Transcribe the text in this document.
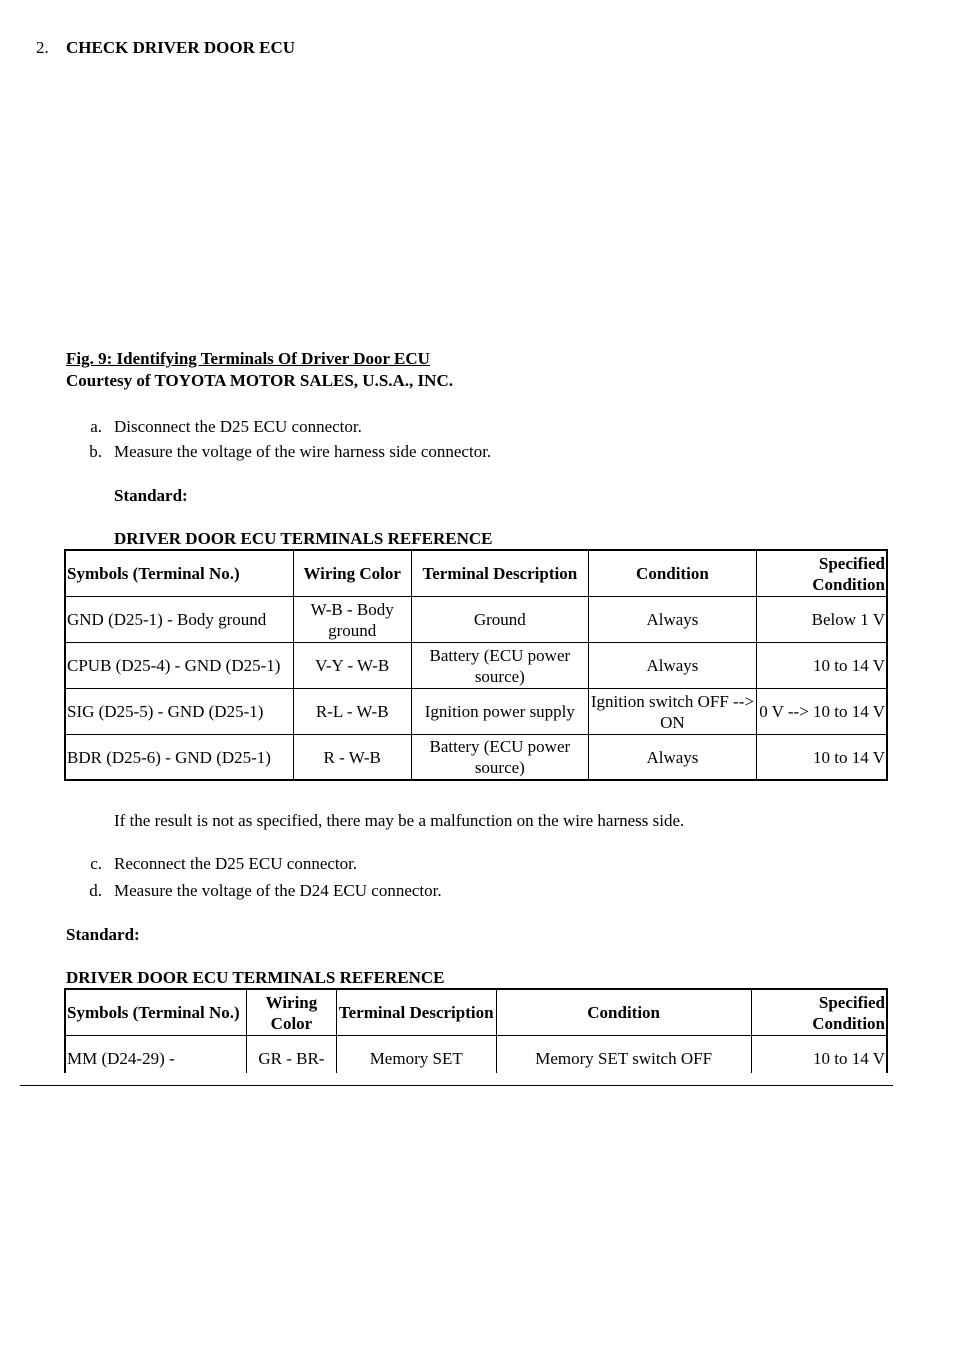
2. CHECK DRIVER DOOR ECU
Fig. 9: Identifying Terminals Of Driver Door ECU
Courtesy of TOYOTA MOTOR SALES, U.S.A., INC.
a. Disconnect the D25 ECU connector.
b. Measure the voltage of the wire harness side connector.
Standard:
DRIVER DOOR ECU TERMINALS REFERENCE
Symbols (Terminal No.)	Wiring Color	Terminal Description	Condition	Specified Condition
GND (D25-1) - Body ground	W-B - Body ground	Ground	Always	Below 1 V
CPUB (D25-4) - GND (D25-1)	V-Y - W-B	Battery (ECU power source)	Always	10 to 14 V
SIG (D25-5) - GND (D25-1)	R-L - W-B	Ignition power supply	Ignition switch OFF --> ON	0 V --> 10 to 14 V
BDR (D25-6) - GND (D25-1)	R - W-B	Battery (ECU power source)	Always	10 to 14 V
If the result is not as specified, there may be a malfunction on the wire harness side.
c. Reconnect the D25 ECU connector.
d. Measure the voltage of the D24 ECU connector.
Standard:
DRIVER DOOR ECU TERMINALS REFERENCE
Symbols (Terminal No.)	Wiring Color	Terminal Description	Condition	Specified Condition
MM (D24-29) -	GR - BR-	Memory SET	Memory SET switch OFF	10 to 14 V
